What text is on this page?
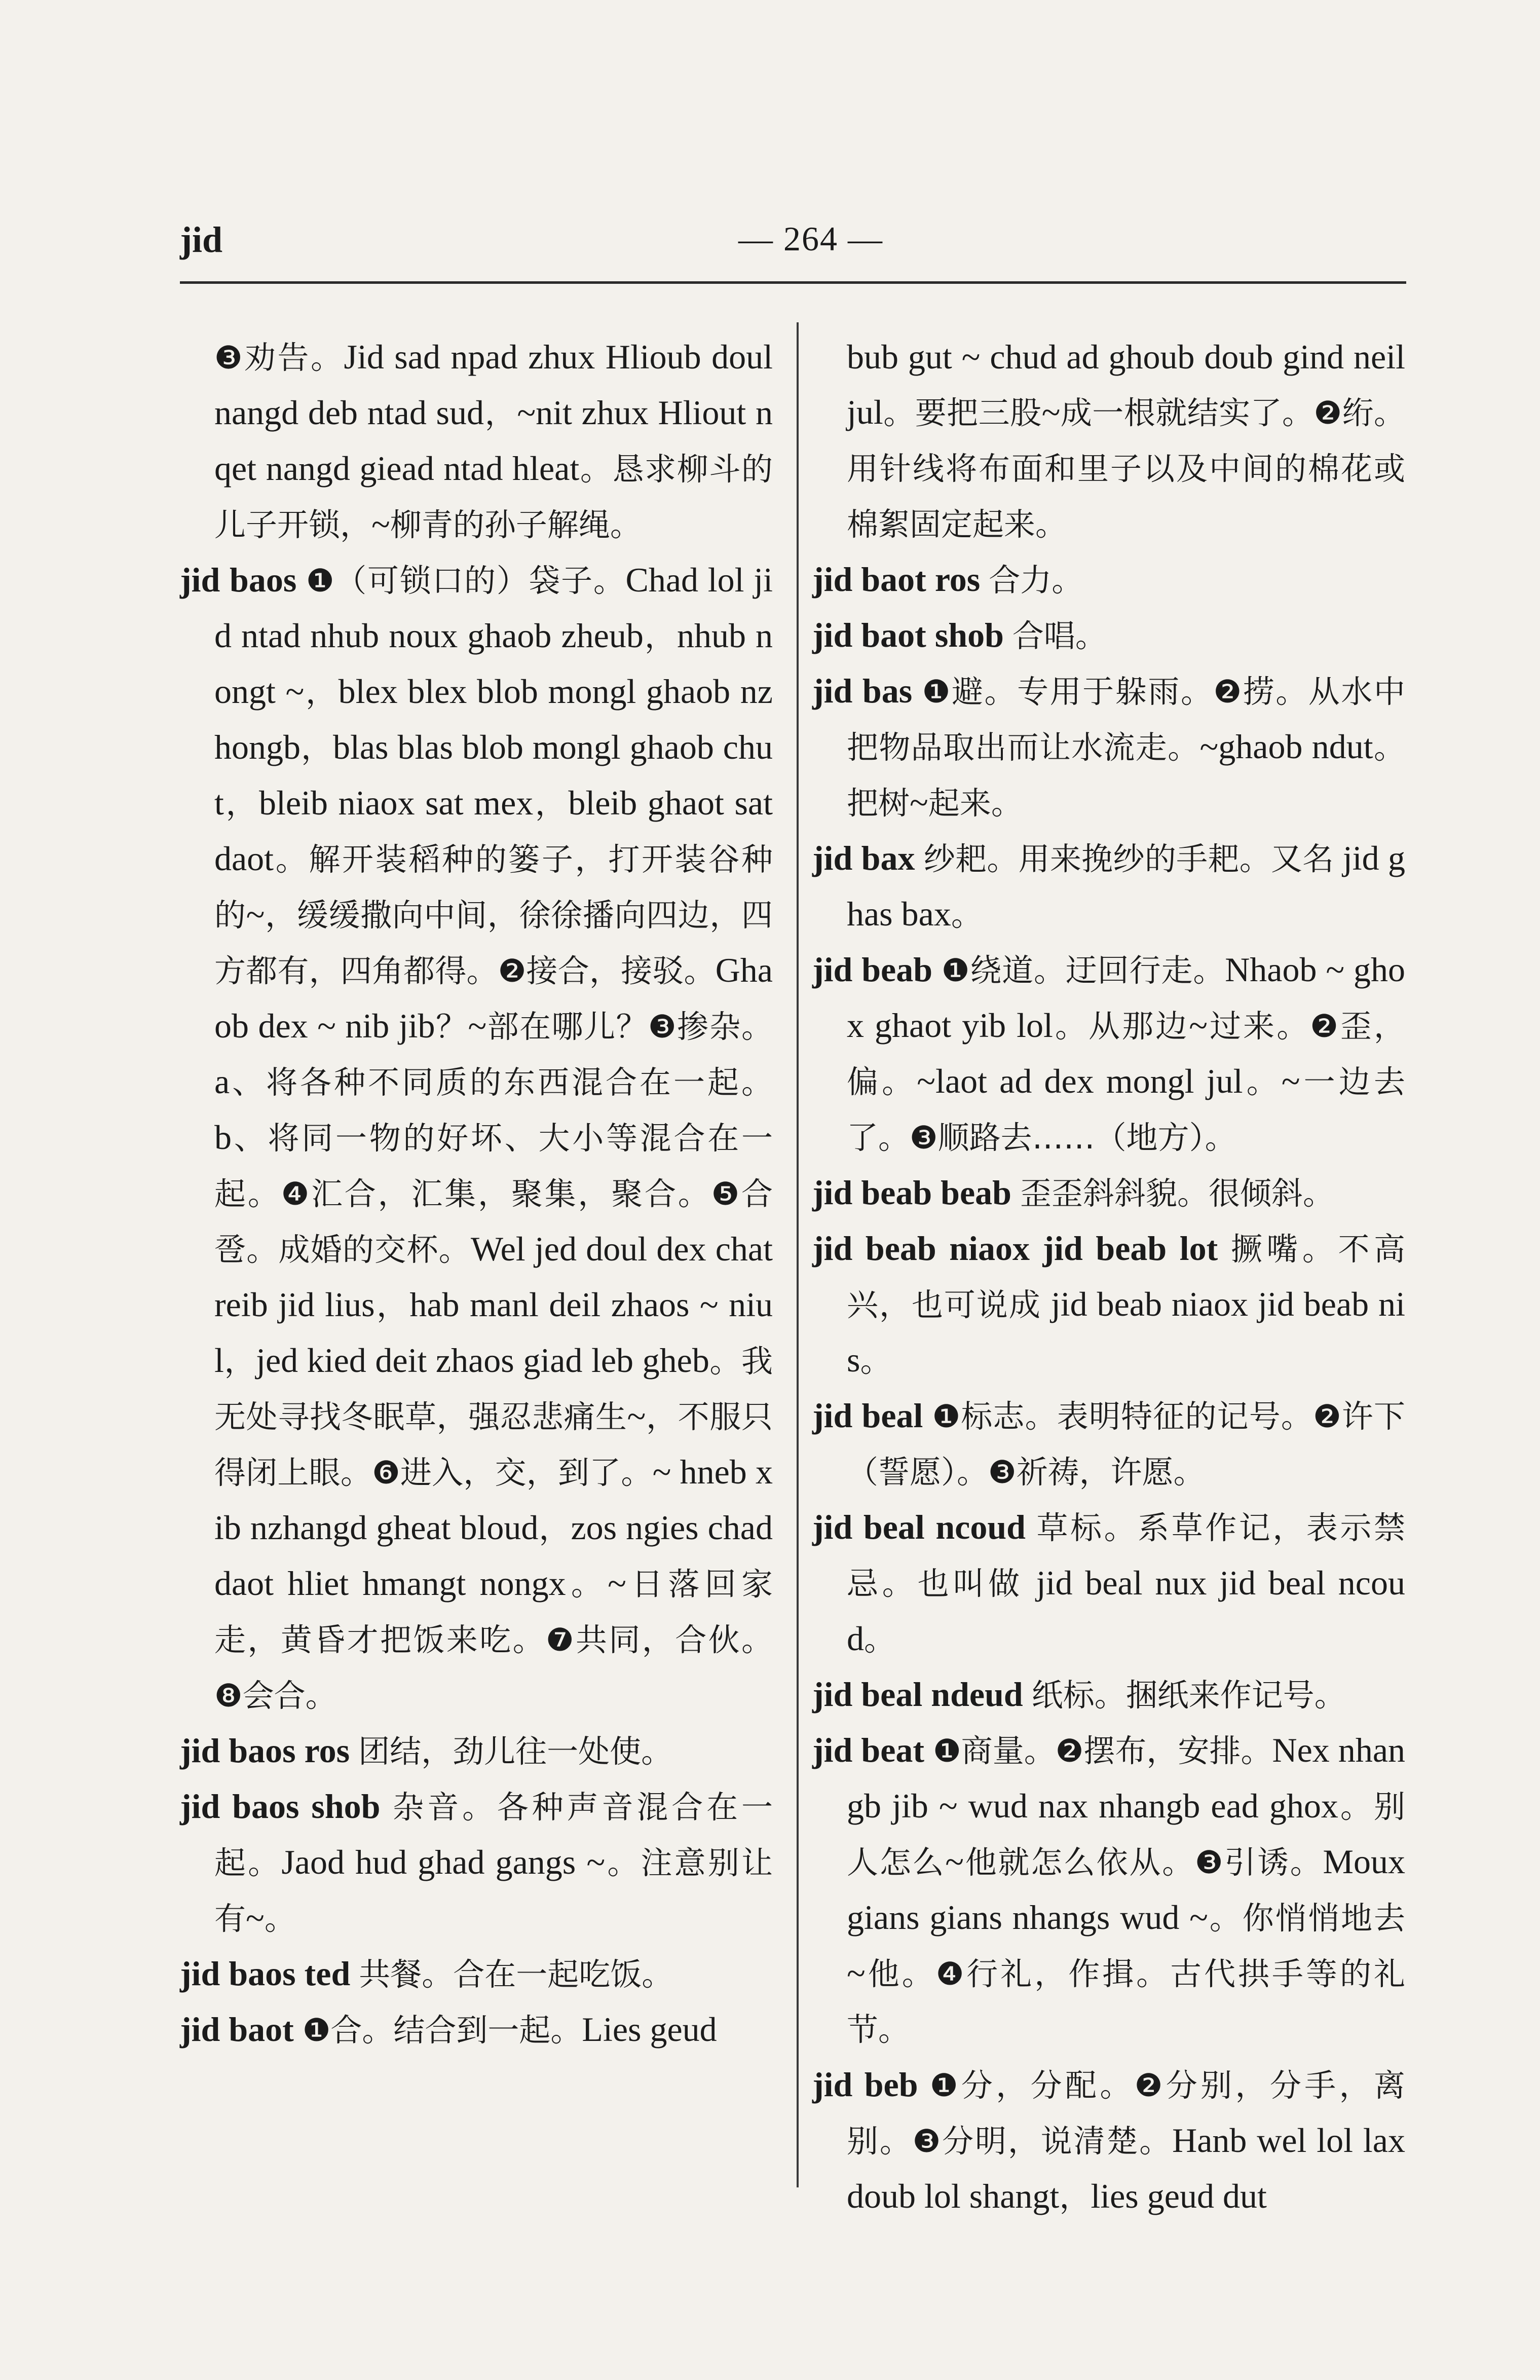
jid	— 264 —
❸劝告。Jid sad npad zhux Hlioub doul nangd deb ntad sud，~nit zhux Hliout nqet nangd giead ntad hleat。恳求柳斗的儿子开锁，~柳青的孙子解绳。
jid baos ❶（可锁口的）袋子。Chad lol jid ntad nhub noux ghaob zheub，nhub nongt ~，blex blex blob mongl ghaob nzhongb，blas blas blob mongl ghaob chut，bleib niaox sat mex，bleib ghaot sat daot。解开装稻种的篓子，打开装谷种的~，缓缓撒向中间，徐徐播向四边，四方都有，四角都得。❷接合，接驳。Ghaob dex ~ nib jib？~部在哪儿？❸掺杂。a、将各种不同质的东西混合在一起。b、将同一物的好坏、大小等混合在一起。❹汇合，汇集，聚集，聚合。❺合卺。成婚的交杯。Wel jed doul dex chat reib jid lius，hab manl deil zhaos ~ niul，jed kied deit zhaos giad leb gheb。我无处寻找冬眠草，强忍悲痛生~，不服只得闭上眼。❻进入，交，到了。~ hneb xib nzhangd gheat bloud，zos ngies chad daot hliet hmangt nongx。~日落回家走，黄昏才把饭来吃。❼共同，合伙。❽会合。
jid baos ros 团结，劲儿往一处使。
jid baos shob 杂音。各种声音混合在一起。Jaod hud ghad gangs ~。注意别让有~。
jid baos ted 共餐。合在一起吃饭。
jid baot ❶合。结合到一起。Lies geud
bub gut ~ chud ad ghoub doub gind neil jul。要把三股~成一根就结实了。❷绗。用针线将布面和里子以及中间的棉花或棉絮固定起来。
jid baot ros 合力。
jid baot shob 合唱。
jid bas ❶避。专用于躲雨。❷捞。从水中把物品取出而让水流走。~ghaob ndut。把树~起来。
jid bax 纱耙。用来挽纱的手耙。又名 jid ghas bax。
jid beab ❶绕道。迂回行走。Nhaob ~ ghox ghaot yib lol。从那边~过来。❷歪，偏。~laot ad dex mongl jul。~一边去了。❸顺路去……（地方）。
jid beab beab 歪歪斜斜貌。很倾斜。
jid beab niaox jid beab lot 撅嘴。不高兴，也可说成 jid beab niaox jid beab nis。
jid beal ❶标志。表明特征的记号。❷许下（誓愿）。❸祈祷，许愿。
jid beal ncoud 草标。系草作记，表示禁忌。也叫做 jid beal nux jid beal ncoud。
jid beal ndeud 纸标。捆纸来作记号。
jid beat ❶商量。❷摆布，安排。Nex nhangb jib ~ wud nax nhangb ead ghox。别人怎么~他就怎么依从。❸引诱。Moux gians gians nhangs wud ~。你悄悄地去~他。❹行礼，作揖。古代拱手等的礼节。
jid beb ❶分，分配。❷分别，分手，离别。❸分明，说清楚。Hanb wel lol lax doub lol shangt，lies geud dut
